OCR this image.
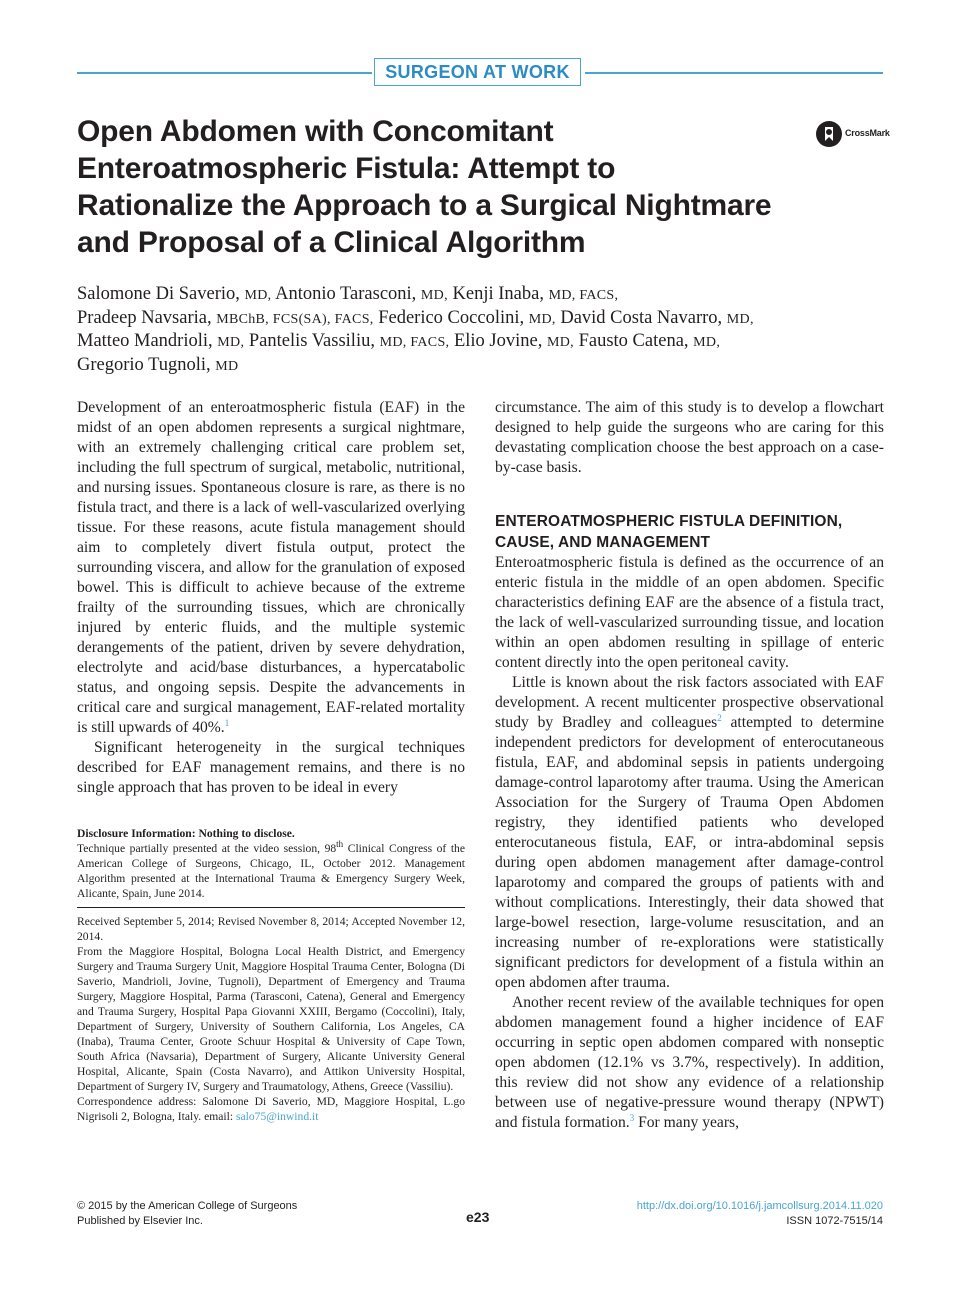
SURGEON AT WORK
Open Abdomen with Concomitant
Enteroatmospheric Fistula: Attempt to
Rationalize the Approach to a Surgical Nightmare
and Proposal of a Clinical Algorithm
CrossMark
Salomone Di Saverio, MD, Antonio Tarasconi, MD, Kenji Inaba, MD, FACS,
Pradeep Navsaria, MBChB, FCS(SA), FACS, Federico Coccolini, MD, David Costa Navarro, MD,
Matteo Mandrioli, MD, Pantelis Vassiliu, MD, FACS, Elio Jovine, MD, Fausto Catena, MD,
Gregorio Tugnoli, MD

Development of an enteroatmospheric fistula (EAF) in the midst of an open abdomen represents a surgical nightmare, with an extremely challenging critical care problem set, including the full spectrum of surgical, metabolic, nutritional, and nursing issues. Spontaneous closure is rare, as there is no fistula tract, and there is a lack of well-vascularized overlying tissue. For these reasons, acute fistula management should aim to completely divert fistula output, protect the surrounding viscera, and allow for the granulation of exposed bowel. This is difficult to achieve because of the extreme frailty of the surrounding tissues, which are chronically injured by enteric fluids, and the multiple systemic derangements of the patient, driven by severe dehydration, electrolyte and acid/base disturbances, a hypercatabolic status, and ongoing sepsis. Despite the advancements in critical care and surgical management, EAF-related mortality is still upwards of 40%.$^1$

Significant heterogeneity in the surgical techniques described for EAF management remains, and there is no single approach that has proven to be ideal in every

circumstance. The aim of this study is to develop a flowchart designed to help guide the surgeons who are caring for this devastating complication choose the best approach on a case-by-case basis.

ENTEROATMOSPHERIC FISTULA DEFINITION, CAUSE, AND MANAGEMENT

Enteroatmospheric fistula is defined as the occurrence of an enteric fistula in the middle of an open abdomen. Specific characteristics defining EAF are the absence of a fistula tract, the lack of well-vascularized surrounding tissue, and location within an open abdomen resulting in spillage of enteric content directly into the open peritoneal cavity.

Little is known about the risk factors associated with EAF development. A recent multicenter prospective observational study by Bradley and colleagues$^2$ attempted to determine independent predictors for development of enterocutaneous fistula, EAF, and abdominal sepsis in patients undergoing damage-control laparotomy after trauma. Using the American Association for the Surgery of Trauma Open Abdomen registry, they identified patients who developed enterocutaneous fistula, EAF, or intra-abdominal sepsis during open abdomen management after damage-control laparotomy and compared the groups of patients with and without complications. Interestingly, their data showed that large-bowel resection, large-volume resuscitation, and an increasing number of re-explorations were statistically significant predictors for development of a fistula within an open abdomen after trauma.

Another recent review of the available techniques for open abdomen management found a higher incidence of EAF occurring in septic open abdomen compared with nonseptic open abdomen (12.1% vs 3.7%, respectively). In addition, this review did not show any evidence of a relationship between use of negative-pressure wound therapy (NPWT) and fistula formation.$^3$ For many years,

Disclosure Information: Nothing to disclose.

Technique partially presented at the video session, 98th Clinical Congress of the American College of Surgeons, Chicago, IL, October 2012. Management Algorithm presented at the International Trauma & Emergency Surgery Week, Alicante, Spain, June 2014.

Received September 5, 2014; Revised November 8, 2014; Accepted November 12, 2014.

From the Maggiore Hospital, Bologna Local Health District, and Emergency Surgery and Trauma Surgery Unit, Maggiore Hospital Trauma Center, Bologna (Di Saverio, Mandrioli, Jovine, Tugnoli), Department of Emergency and Trauma Surgery, Maggiore Hospital, Parma (Tarasconi, Catena), General and Emergency and Trauma Surgery, Hospital Papa Giovanni XXIII, Bergamo (Coccolini), Italy, Department of Surgery, University of Southern California, Los Angeles, CA (Inaba), Trauma Center, Groote Schuur Hospital & University of Cape Town, South Africa (Navsaria), Department of Surgery, Alicante University General Hospital, Alicante, Spain (Costa Navarro), and Attikon University Hospital, Department of Surgery IV, Surgery and Traumatology, Athens, Greece (Vassiliu).

Correspondence address: Salomone Di Saverio, MD, Maggiore Hospital, L.go Nigrisoli 2, Bologna, Italy. email: salo75@inwind.it

© 2015 by the American College of Surgeons
Published by Elsevier Inc.	e23
http://dx.doi.org/10.1016/j.jamcollsurg.2014.11.020
ISSN 1072-7515/14
